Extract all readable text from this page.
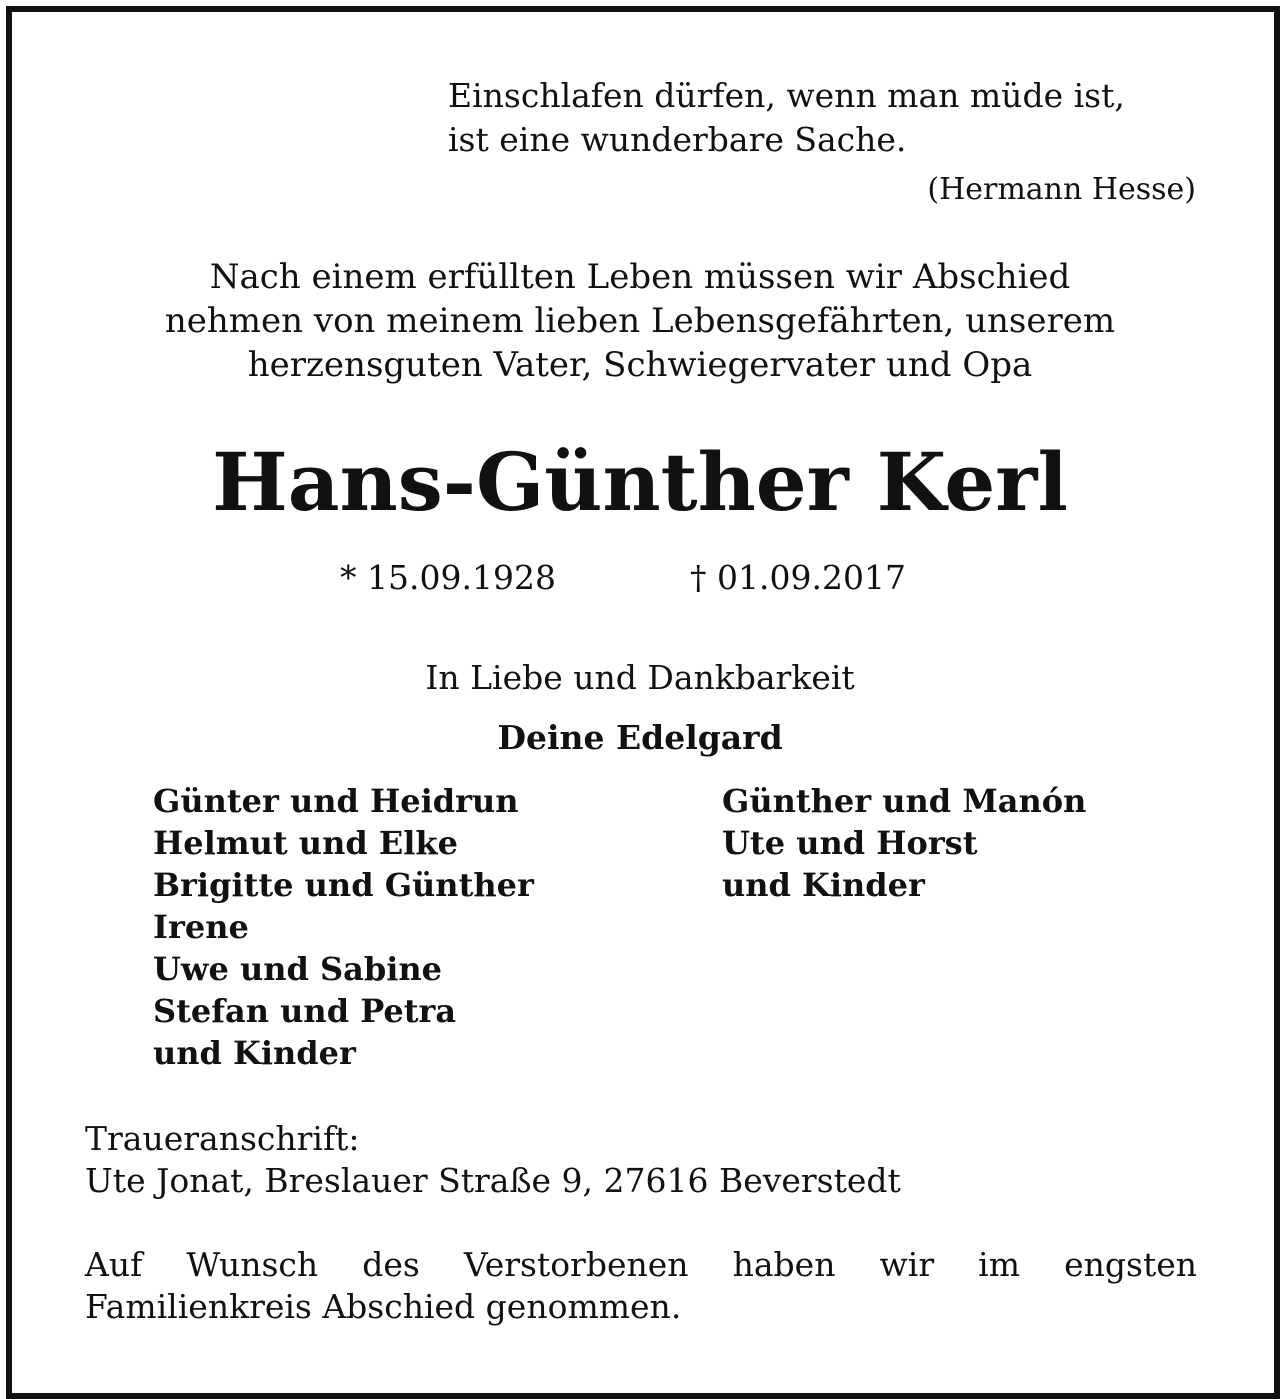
Einschlafen dürfen, wenn man müde ist,
ist eine wunderbare Sache.
(Hermann Hesse)
Nach einem erfüllten Leben müssen wir Abschied
nehmen von meinem lieben Lebensgefährten, unserem
herzensguten Vater, Schwiegervater und Opa
Hans-Günther Kerl
* 15.09.1928	† 01.09.2017
In Liebe und Dankbarkeit
Deine Edelgard
Günter und Heidrun
Helmut und Elke
Brigitte und Günther
Irene
Uwe und Sabine
Stefan und Petra
und Kinder
Günther und Manón
Ute und Horst
und Kinder
Traueranschrift:
Ute Jonat, Breslauer Straße 9, 27616 Beverstedt
Auf Wunsch des Verstorbenen haben wir im engsten
Familienkreis Abschied genommen.
